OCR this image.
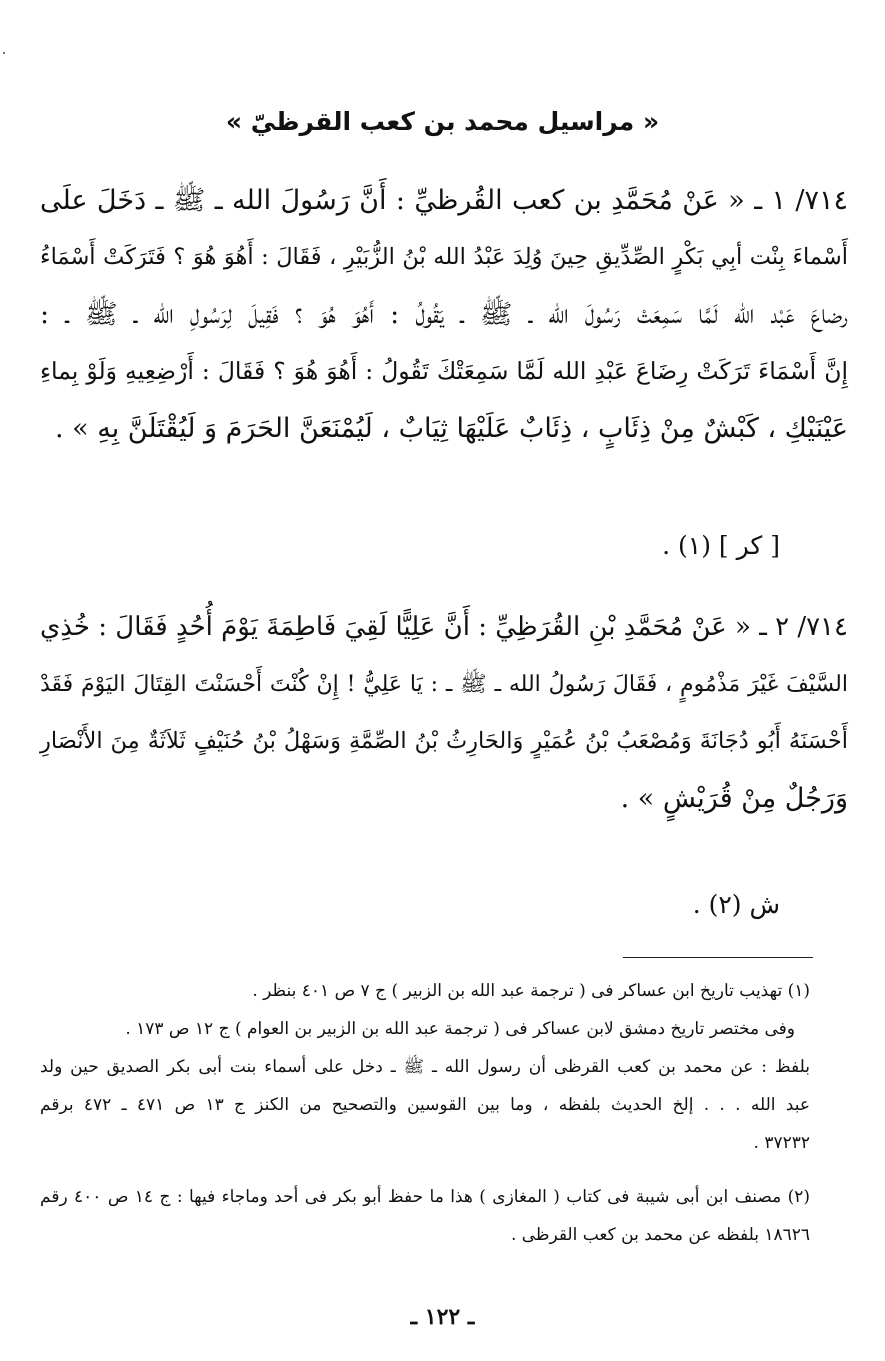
« مراسيل محمد بن كعب القرظيّ »
٧١٤/ ١ ـ « عَنْ مُحَمَّدِ بن كعب القُرظيِّ : أَنَّ رَسُولَ الله ـ ﷺ ـ دَخَلَ علَى
أَسْماءَ بِنْت أبِي بَكْرٍ الصِّدِّيقِ حِينَ وُلِدَ عَبْدُ الله بْنُ الزُّبَيْرِ ، فَقَالَ : أَهُوَ هُوَ ؟ فَتَرَكَتْ أَسْمَاءُ
رضاعَ عَبْد الله لَمَّا سَمِعَتْ رَسُولَ الله ـ ﷺ ـ يَقُولُ : أَهُوَ هُوَ ؟ فَقِيلَ لِرَسُولِ الله ـ ﷺ ـ :
إِنَّ أَسْمَاءَ تَرَكَتْ رِضَاعَ عَبْدِ الله لَمَّا سَمِعَتْكَ تَقُولُ : أَهُوَ هُوَ ؟ فَقَالَ : أَرْضِعِيهِ وَلَوْ بِماءِ
عَيْنَيْكِ ، كَبْشٌ مِنْ ذِئَابٍ ، ذِئَابٌ عَلَيْهَا ثِيَابٌ ، لَيُمْنَعَنَّ الحَرَمَ وَ لَيُقْتَلَنَّ بِهِ » .
[ كر ] (١) .
٧١٤/ ٢ ـ « عَنْ مُحَمَّدِ بْنِ القُرَظِيِّ : أَنَّ عَلِيًّا لَقِيَ فَاطِمَةَ يَوْمَ أُحُدٍ فَقَالَ : خُذِي
السَّيْفَ غَيْرَ مَذْمُومٍ ، فَقَالَ رَسُولُ الله ـ ﷺ ـ : يَا عَلِيُّ ! إِنْ كُنْتَ أَحْسَنْتَ القِتَالَ اليَوْمَ فَقَدْ
أَحْسَنَهُ أَبُو دُجَانَةَ وَمُصْعَبُ بْنُ عُمَيْرٍ وَالحَارِثُ بْنُ الصِّمَّةِ وَسَهْلُ بْنُ حُنَيْفٍ ثَلاَثَةٌ مِنَ الأَنْصَارِ
وَرَجُلٌ مِنْ قُرَيْشٍ » .
ش (٢) .
(١) تهذيب تاريخ ابن عساكر فى ( ترجمة عبد الله بن الزبير ) ج ٧ ص ٤٠١ بنظر .
وفى مختصر تاريخ دمشق لابن عساكر فى ( ترجمة عبد الله بن الزبير بن العوام ) ج ١٢ ص ١٧٣ .
بلفظ : عن محمد بن كعب القرظى أن رسول الله ـ ﷺ ـ دخل على أسماء بنت أبى بكر الصديق حين ولد
عبد الله . . . إلخ الحديث بلفظه ، وما بين القوسين والتصحيح من الكنز ج ١٣ ص ٤٧١ ـ ٤٧٢ برقم
٣٧٢٣٢ .
(٢) مصنف ابن أبى شيبة فى كتاب ( المغازى ) هذا ما حفظ أبو بكر فى أحد وماجاء فيها : ج ١٤ ص ٤٠٠ رقم
١٨٦٢٦ بلفظه عن محمد بن كعب القرظى .
ـ ١٢٢ ـ
